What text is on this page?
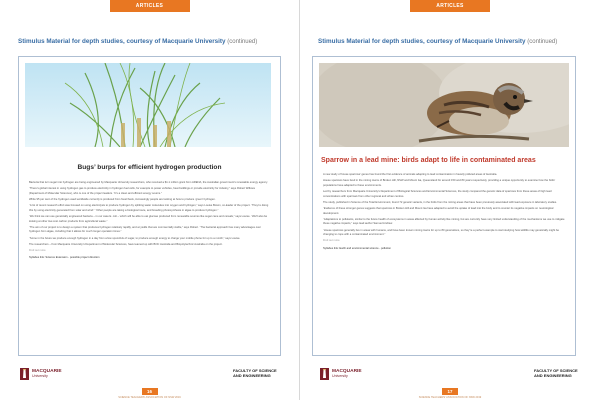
ARTICLES
Stimulus Material for depth studies, courtesy of Macquarie University (continued)
Bugs’ burps for efficient hydrogen production

Bacteria that turn sugar into hydrogen are being engineered by Macquarie University researchers, who received a $1.1 million grant from ARENA, the Australian government’s renewable energy agency.

“There’s global interest in using hydrogen gas to produce electricity in hydrogen fuel cells, for example to power vehicles, heat buildings or provide electricity for industry,” says Robert Willows (Department of Molecular Sciences), who is one of the project leaders. “It’s a clean and efficient energy source.”

While 95 per cent of the hydrogen used worldwide currently is produced from fossil fuels, increasingly people are looking at how to produce ‘green’ hydrogen.

“A lot of recent research effort was focused on using electrolysis to produce hydrogen by splitting water molecules into oxygen and hydrogen,” says Louise Brown, co-leader of the project. “They’re doing this by using electricity generated from solar and wind.” “Other people are taking a biological route, and breeding photosynthesis in algae to produce hydrogen.”

“We think we can use genetically engineered bacteria – in our case E. coli – which will be able to eat glucose produced from renewable sources like sugar cane and cereals,” says Louise. “We’ll also be looking at other low-cost carbon products from agricultural waste.”

“The aim of our project is to design a system that produces hydrogen relatively rapidly, and at yields that are commercially viable,” says Robert. “The bacterial approach has many advantages over hydrogen from algae, including that it allows for much longer operation times.”

“Some in the future we produce enough hydrogen in a day from a few spoonfuls of sugar, to produce enough energy to charge your mobile phone for up to a month,” says Louise.

The researchers – from Macquarie University’s Department of Molecular Sciences, have teamed up with BOC Australia and Biopolytechnic Australia on the project.

Find out more

Syllabus link: Science Extension - possible project direction

MACQUARIE
University
FACULTY OF SCIENCE AND ENGINEERING
16
SCIENCE TEACHERS' ASSOCIATION OF NSW 2019
ARTICLES
Stimulus Material for depth studies, courtesy of Macquarie University (continued)
Sparrow in a lead mine: birds adapt to life in contaminated areas

A new study of house sparrows’ genes has found the first evidence of animals adapting to lead contamination in heavily polluted areas of Australia.

House sparrows have lived in the mining towns of Broken Hill, NSW and Mount Isa, Queensland for around 150 and 80 years respectively, providing a unique opportunity to examine how the birds’ populations have adapted to these environments.

Led by researchers from Macquarie University’s Department of Biological Sciences and Environmental Sciences, the study compared the genetic data of sparrows from these areas of high lead concentrations with sparrows from other regional and urban centres.

The study, published in Science of the Total Environment, found 72 genetic variants, in the birds from the mining areas that have been previously associated with lead exposure in laboratory studies.

“Evidence of these stronger genes suggests that sparrows in Broken Hill and Mount Isa have adapted to avoid the uptake of lead into the body and to counter its negative impacts on neurological development.

“Adaptations to pollutants, similar to the future health of ecosystems in areas affected by human activity like mining, but are currently have very limited understanding of the mechanisms we use to mitigate these negative impacts,” says lead author Samuel Andrew.

“House sparrows generally live in areas with humans, and have been known mining towns for up to 80 generations, so they’re a perfect example to start studying how wildlife may genetically might be changing to cope with a contaminated environment.”

Find out more

Syllabus link: Earth and environmental science - pollution

MACQUARIE
University
FACULTY OF SCIENCE AND ENGINEERING
17
SCIENCE TEACHERS' ASSOCIATION OF NSW 2019
